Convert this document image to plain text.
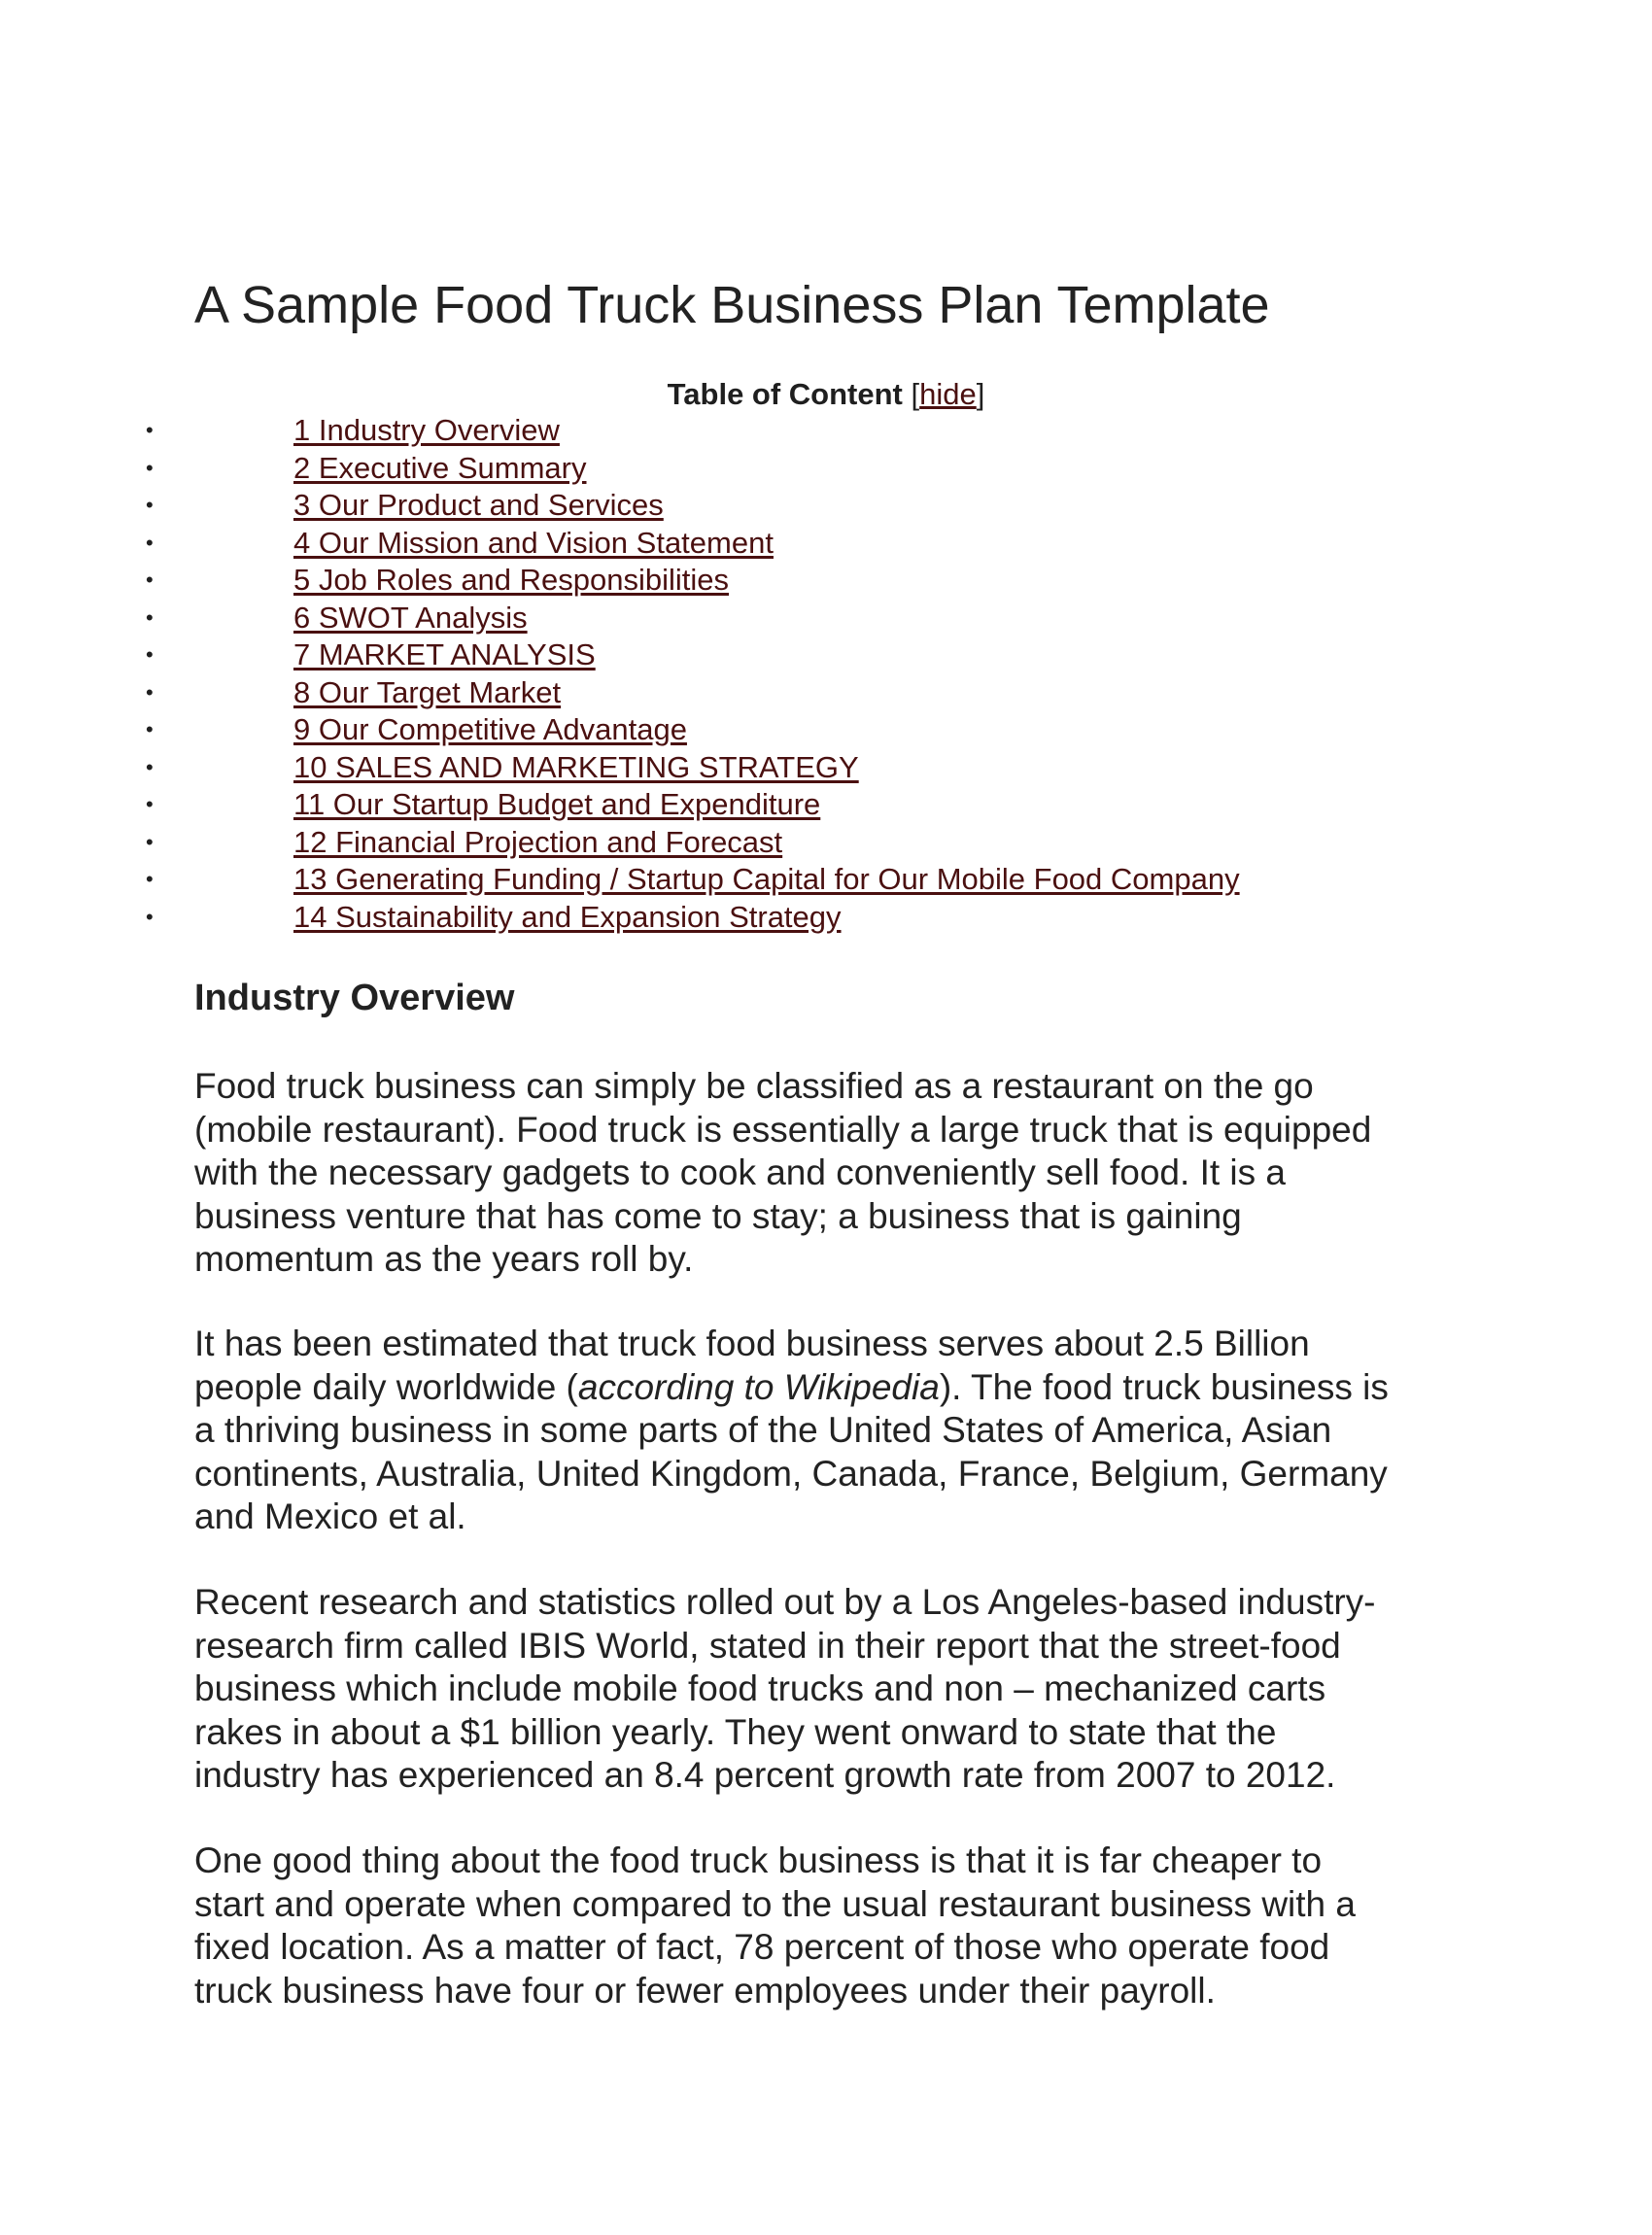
A Sample Food Truck Business Plan Template
Table of Content [hide]
•	1 Industry Overview
•	2 Executive Summary
•	3 Our Product and Services
•	4 Our Mission and Vision Statement
•	5 Job Roles and Responsibilities
•	6 SWOT Analysis
•	7 MARKET ANALYSIS
•	8 Our Target Market
•	9 Our Competitive Advantage
•	10 SALES AND MARKETING STRATEGY
•	11 Our Startup Budget and Expenditure
•	12 Financial Projection and Forecast
•	13 Generating Funding / Startup Capital for Our Mobile Food Company
•	14 Sustainability and Expansion Strategy
Industry Overview

Food truck business can simply be classified as a restaurant on the go
(mobile restaurant). Food truck is essentially a large truck that is equipped
with the necessary gadgets to cook and conveniently sell food. It is a
business venture that has come to stay; a business that is gaining
momentum as the years roll by.

It has been estimated that truck food business serves about 2.5 Billion
people daily worldwide (according to Wikipedia). The food truck business is
a thriving business in some parts of the United States of America, Asian
continents, Australia, United Kingdom, Canada, France, Belgium, Germany
and Mexico et al.

Recent research and statistics rolled out by a Los Angeles-based industry-
research firm called IBIS World, stated in their report that the street-food
business which include mobile food trucks and non – mechanized carts
rakes in about a $1 billion yearly. They went onward to state that the
industry has experienced an 8.4 percent growth rate from 2007 to 2012.

One good thing about the food truck business is that it is far cheaper to
start and operate when compared to the usual restaurant business with a
fixed location. As a matter of fact, 78 percent of those who operate food
truck business have four or fewer employees under their payroll.
